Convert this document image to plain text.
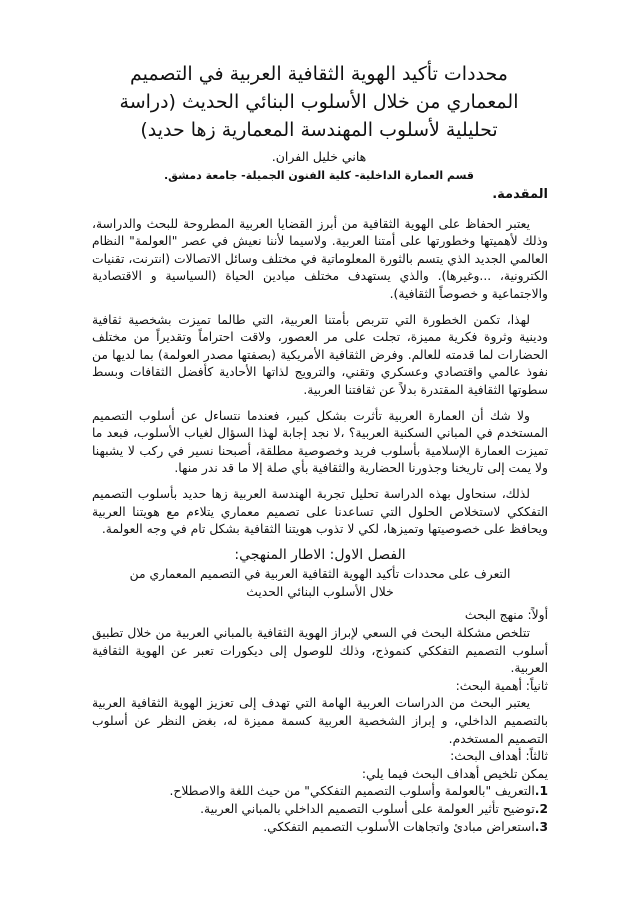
محددات تأكيد الهوية الثقافية العربية في التصميم
المعماري من خلال الأسلوب البنائي الحديث (دراسة
تحليلية لأسلوب المهندسة المعمارية زها حديد)
هاني خليل الفران.
قسم العمارة الداخلية- كلية الفنون الجميلة- جامعة دمشق.
المقدمة.

يعتبر الحفاظ على الهوية الثقافية من أبرز القضايا العربية المطروحة للبحث والدراسة، وذلك لأهميتها وخطورتها على أمتنا العربية. ولاسيما لأننا نعيش في عصر "العولمة" النظام العالمي الجديد الذي يتسم بالثورة المعلوماتية في مختلف وسائل الاتصالات (انترنت، تقنيات الكترونية، ...وغيرها). والذي يستهدف مختلف ميادين الحياة (السياسية و الاقتصادية والاجتماعية و خصوصاً الثقافية).

لهذا، تكمن الخطورة التي تتربص بأمتنا العربية، التي طالما تميزت بشخصية ثقافية ودينية وثروة فكرية مميزة، تجلت على مر العصور، ولاقت احتراماً وتقديراً من مختلف الحضارات لما قدمته للعالم. وفرض الثقافية الأمريكية (بصفتها مصدر العولمة) بما لديها من نفوذ عالمي واقتصادي وعسكري وتقني، والترويج لذاتها الأحادية كأفضل الثقافات وبسط سطوتها الثقافية المقتدرة بدلاً عن ثقافتنا العربية.

ولا شك أن العمارة العربية تأثرت بشكل كبير، فعندما نتساءل عن أسلوب التصميم المستخدم في المباني السكنية العربية؟ ،لا نجد إجابة لهذا السؤال لغياب الأسلوب، فبعد ما تميزت العمارة الإسلامية بأسلوب فريد وخصوصية مطلقة، أصبحنا نسير في ركب لا يشبهنا ولا يمت إلى تاريخنا وجذورنا الحضارية والثقافية بأي صلة إلا ما قد ندر منها.

لذلك، سنحاول بهذه الدراسة تحليل تجربة الهندسة العربية زها حديد بأسلوب التصميم التفككي لاستخلاص الحلول التي تساعدنا على تصميم معماري يتلاءم مع هويتنا العربية ويحافظ على خصوصيتها وتميزها، لكي لا تذوب هويتنا الثقافية بشكل تام في وجه العولمة.

الفصل الاول: الاطار المنهجي:
التعرف على محددات تأكيد الهوية الثقافية العربية في التصميم المعماري من
خلال الأسلوب البنائي الحديث
أولاً: منهج البحث

تتلخص مشكلة البحث في السعي لإبراز الهوية الثقافية بالمباني العربية من خلال تطبيق أسلوب التصميم التفككي كنموذج، وذلك للوصول إلى ديكورات تعبر عن الهوية الثقافية العربية.

ثانياً: أهمية البحث:

يعتبر البحث من الدراسات العربية الهامة التي تهدف إلى تعزيز الهوية الثقافية العربية بالتصميم الداخلي، و إبراز الشخصية العربية كسمة مميزة له، بغض النظر عن أسلوب التصميم المستخدم.

ثالثاً: أهداف البحث:
يمكن تلخيص أهداف البحث فيما يلي:
1.التعريف "بالعولمة وأسلوب التصميم التفككي" من حيث اللغة والاصطلاح.
2.توضيح تأثير العولمة على أسلوب التصميم الداخلي بالمباني العربية.
3.استعراض مبادئ واتجاهات الأسلوب التصميم التفككي.
